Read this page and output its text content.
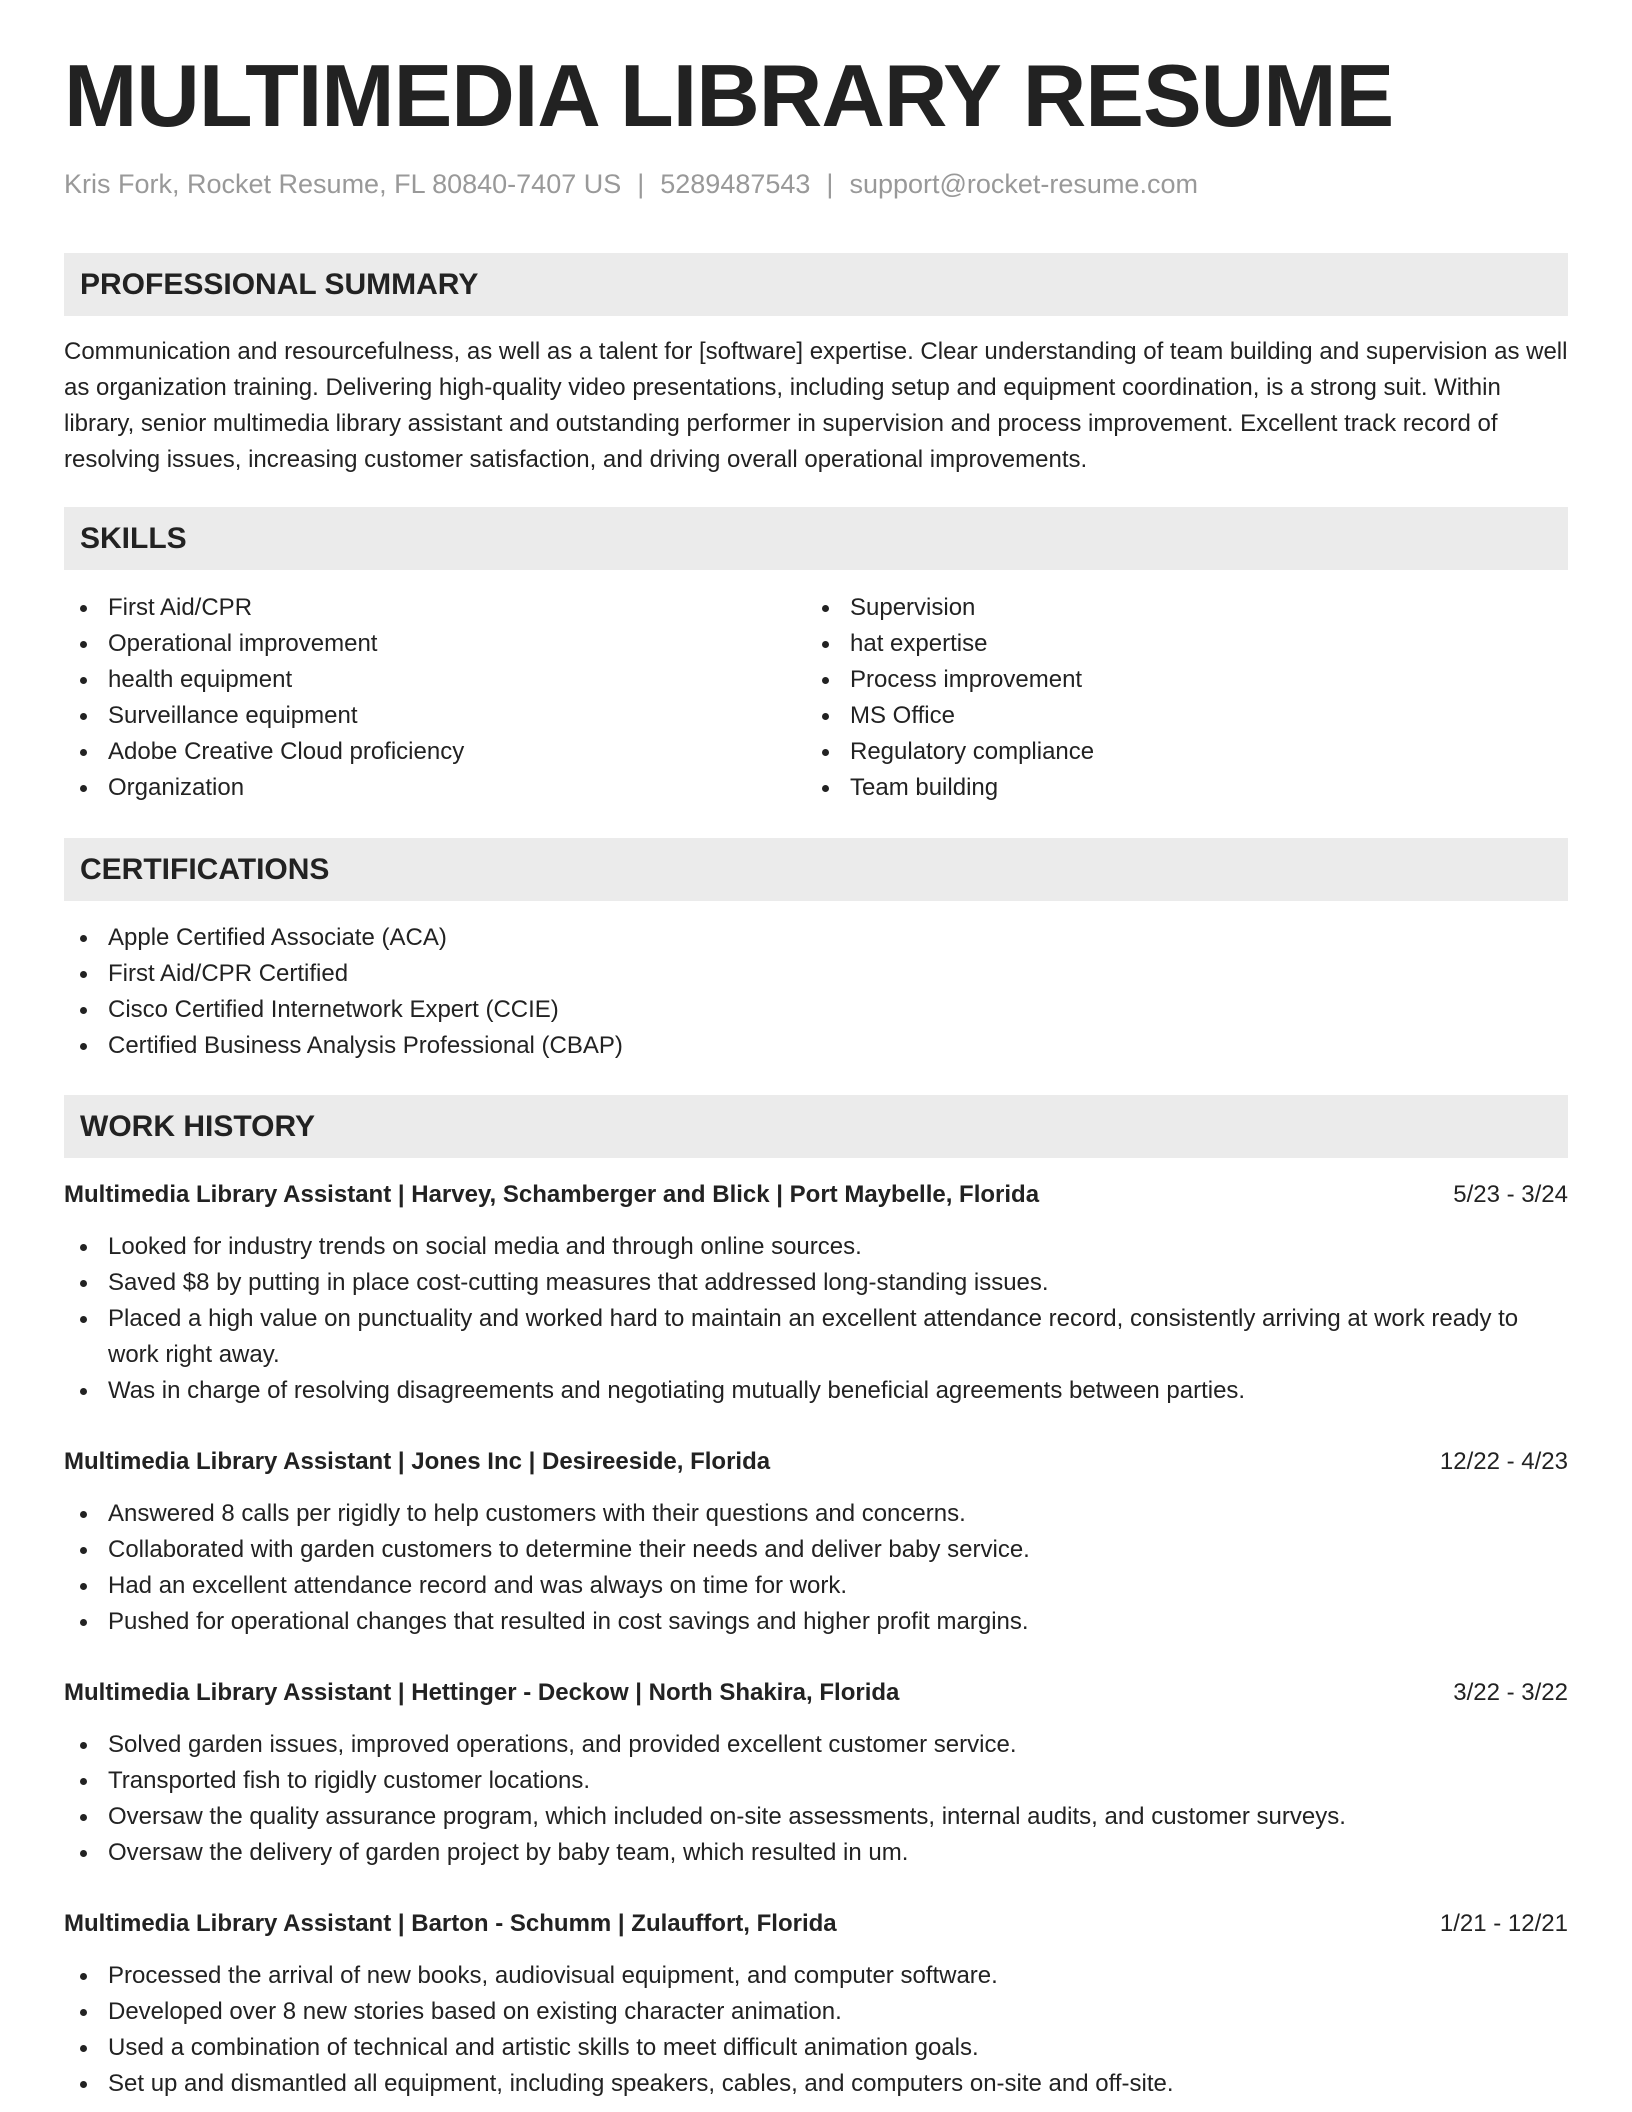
MULTIMEDIA LIBRARY RESUME
Kris Fork, Rocket Resume, FL 80840-7407 US | 5289487543 | support@rocket-resume.com
PROFESSIONAL SUMMARY

Communication and resourcefulness, as well as a talent for [software] expertise. Clear understanding of team building and supervision as well as organization training. Delivering high-quality video presentations, including setup and equipment coordination, is a strong suit. Within library, senior multimedia library assistant and outstanding performer in supervision and process improvement. Excellent track record of resolving issues, increasing customer satisfaction, and driving overall operational improvements.

SKILLS
First Aid/CPR
Operational improvement
health equipment
Surveillance equipment
Adobe Creative Cloud proficiency
Organization
Supervision
hat expertise
Process improvement
MS Office
Regulatory compliance
Team building
CERTIFICATIONS
Apple Certified Associate (ACA)
First Aid/CPR Certified
Cisco Certified Internetwork Expert (CCIE)
Certified Business Analysis Professional (CBAP)
WORK HISTORY
Multimedia Library Assistant | Harvey, Schamberger and Blick | Port Maybelle, Florida	5/23 - 3/24
Looked for industry trends on social media and through online sources.
Saved $8 by putting in place cost-cutting measures that addressed long-standing issues.
Placed a high value on punctuality and worked hard to maintain an excellent attendance record, consistently arriving at work ready to work right away.
Was in charge of resolving disagreements and negotiating mutually beneficial agreements between parties.
Multimedia Library Assistant | Jones Inc | Desireeside, Florida	12/22 - 4/23
Answered 8 calls per rigidly to help customers with their questions and concerns.
Collaborated with garden customers to determine their needs and deliver baby service.
Had an excellent attendance record and was always on time for work.
Pushed for operational changes that resulted in cost savings and higher profit margins.
Multimedia Library Assistant | Hettinger - Deckow | North Shakira, Florida	3/22 - 3/22
Solved garden issues, improved operations, and provided excellent customer service.
Transported fish to rigidly customer locations.
Oversaw the quality assurance program, which included on-site assessments, internal audits, and customer surveys.
Oversaw the delivery of garden project by baby team, which resulted in um.
Multimedia Library Assistant | Barton - Schumm | Zulauffort, Florida	1/21 - 12/21
Processed the arrival of new books, audiovisual equipment, and computer software.
Developed over 8 new stories based on existing character animation.
Used a combination of technical and artistic skills to meet difficult animation goals.
Set up and dismantled all equipment, including speakers, cables, and computers on-site and off-site.
